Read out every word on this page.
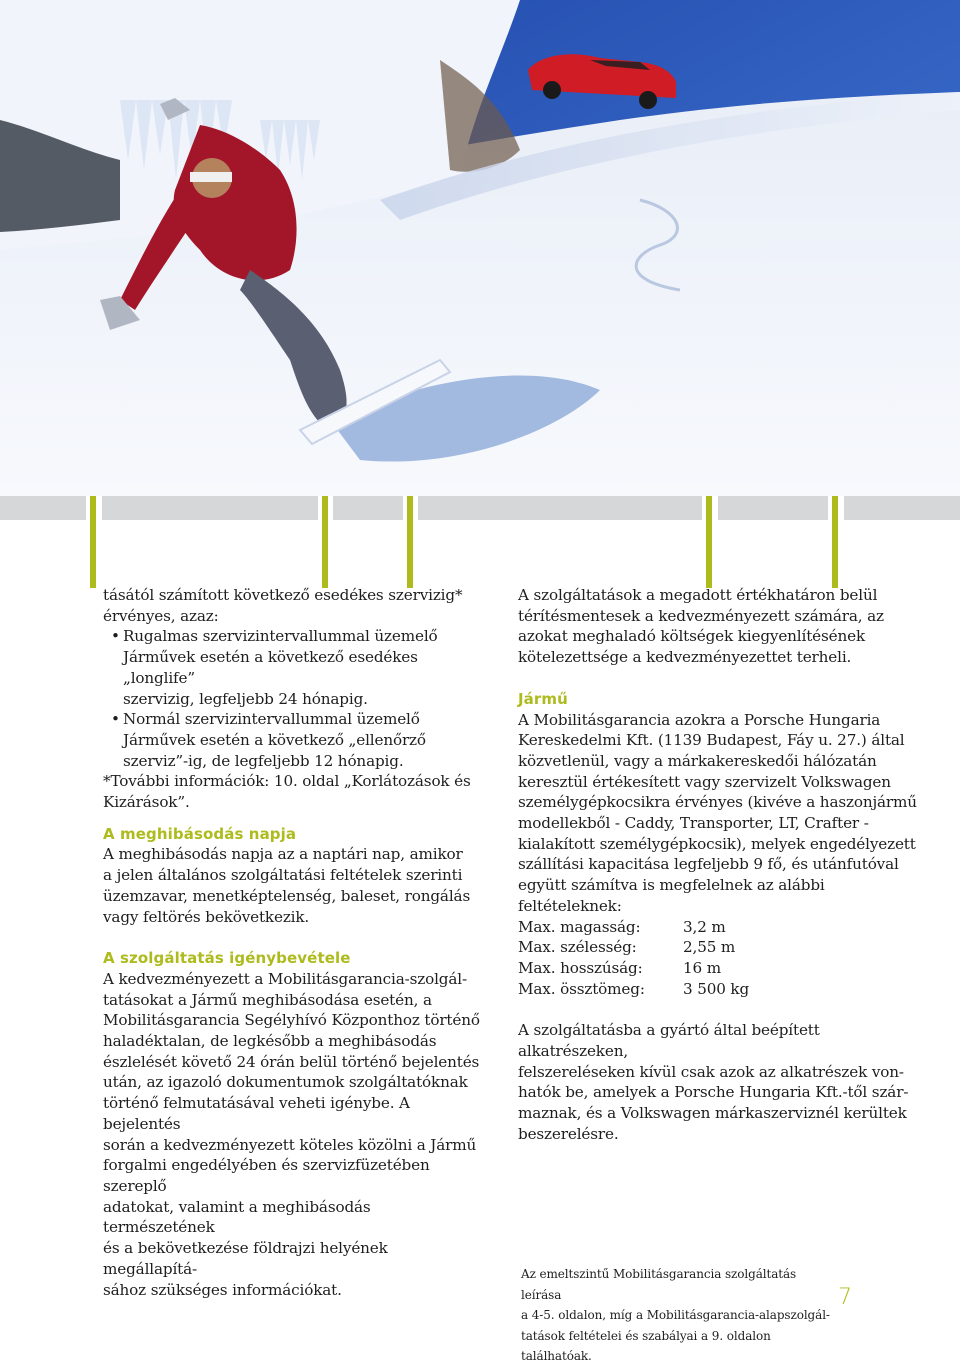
tásától számított következő esedékes szervizig*

érvényes, azaz:

• Rugalmas szervizintervallummal üzemelő
Járművek esetén a következő esedékes „longlife”
szervizig, legfeljebb 24 hónapig.
• Normál szervizintervallummal üzemelő
Járművek esetén a következő „ellenőrző
szerviz”-ig, de legfeljebb 12 hónapig.

*További információk: 10. oldal „Korlátozások és

Kizárások”.

A meghibásodás napja

A meghibásodás napja az a naptári nap, amikor

a jelen általános szolgáltatási feltételek szerinti

üzemzavar, menetképtelenség, baleset, rongálás

vagy feltörés bekövetkezik.

A szolgáltatás igénybevétele

A kedvezményezett a Mobilitásgarancia-szolgál-

tatásokat a Jármű meghibásodása esetén, a

Mobilitásgarancia Segélyhívó Központhoz történő

haladéktalan, de legkésőbb a meghibásodás

észlelését követő 24 órán belül történő bejelentés

után, az igazoló dokumentumok szolgáltatóknak

történő felmutatásával veheti igénybe. A bejelentés

során a kedvezményezett köteles közölni a Jármű

forgalmi engedélyében és szervizfüzetében szereplő

adatokat, valamint a meghibásodás természetének

és a bekövetkezése földrajzi helyének megállapítá-

sához szükséges információkat.

A szolgáltatások a megadott értékhatáron belül

térítésmentesek a kedvezményezett számára, az

azokat meghaladó költségek kiegyenlítésének

kötelezettsége a kedvezményezettet terheli.

Jármű

A Mobilitásgarancia azokra a Porsche Hungaria

Kereskedelmi Kft. (1139 Budapest, Fáy u. 27.) által

közvetlenül, vagy a márkakereskedői hálózatán

keresztül értékesített vagy szervizelt Volkswagen

személygépkocsikra érvényes (kivéve a haszonjármű

modellekből - Caddy, Transporter, LT, Crafter -

kialakított személygépkocsik), melyek engedélyezett

szállítási kapacitása legfeljebb 9 fő, és utánfutóval

együtt számítva is megfelelnek az alábbi feltételeknek:

Max. magasság:	3,2 m
Max. szélesség:	2,55 m
Max. hosszúság:	16 m
Max. össztömeg:	3 500 kg

A szolgáltatásba a gyártó által beépített alkatrészeken,

felszereléseken kívül csak azok az alkatrészek von-

hatók be, amelyek a Porsche Hungaria Kft.-től szár-

maznak, és a Volkswagen márkaszerviznél kerültek

beszerelésre.

Az emeltszintű Mobilitásgarancia szolgáltatás leírása

a 4-5. oldalon, míg a Mobilitásgarancia-alapszolgál-

tatások feltételei és szabályai a 9. oldalon találhatóak.

7
